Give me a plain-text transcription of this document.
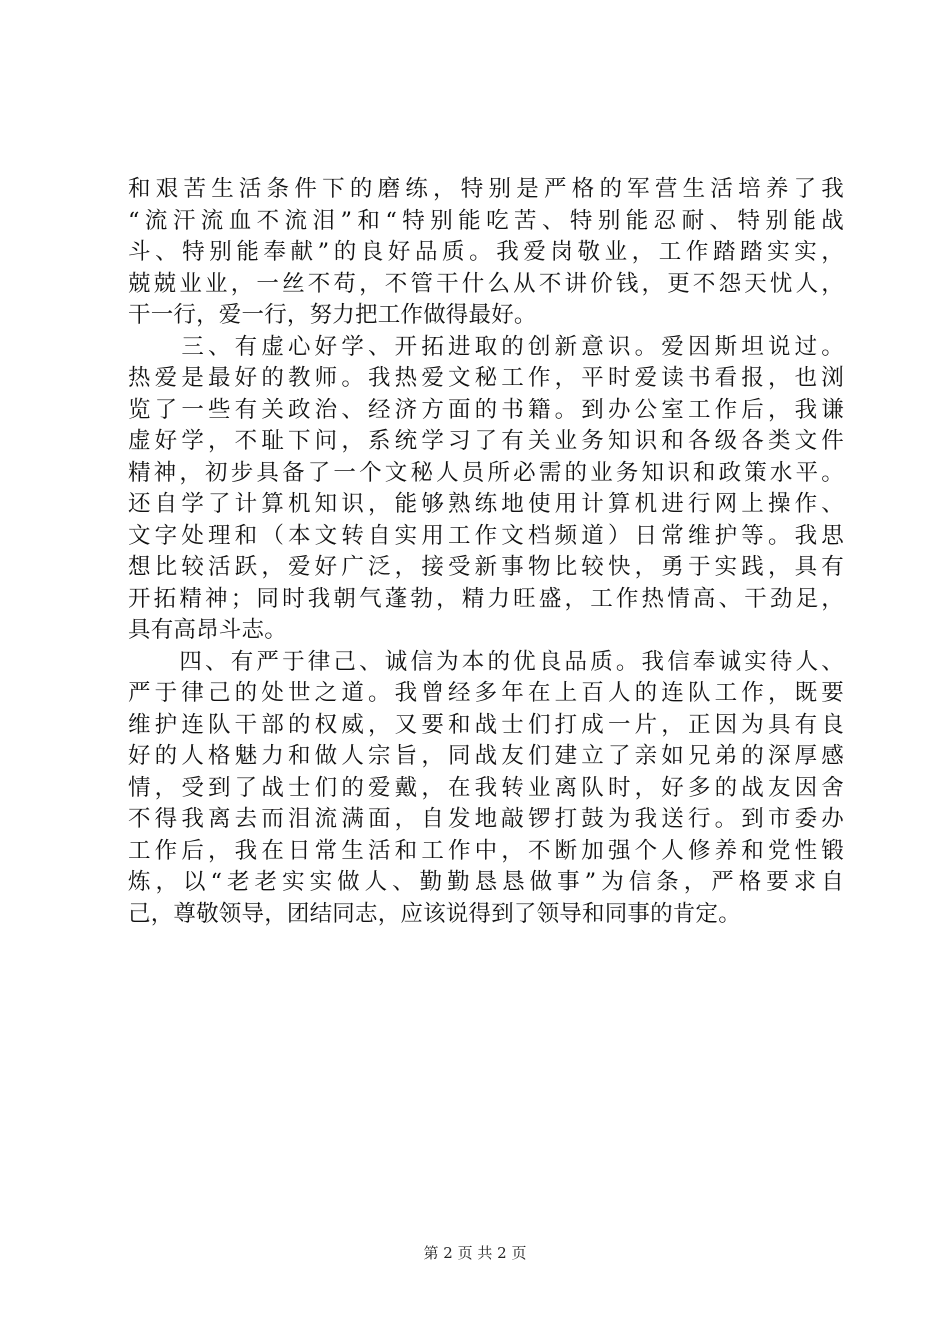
和艰苦生活条件下的磨练，特别是严格的军营生活培养了我
“流汗流血不流泪”和“特别能吃苦、特别能忍耐、特别能战
斗、特别能奉献”的良好品质。我爱岗敬业，工作踏踏实实，
兢兢业业，一丝不苟，不管干什么从不讲价钱，更不怨天忧人，
干一行，爱一行，努力把工作做得最好。
　　三、有虚心好学、开拓进取的创新意识。爱因斯坦说过。
热爱是最好的教师。我热爱文秘工作，平时爱读书看报，也浏
览了一些有关政治、经济方面的书籍。到办公室工作后，我谦
虚好学，不耻下问，系统学习了有关业务知识和各级各类文件
精神，初步具备了一个文秘人员所必需的业务知识和政策水平。
还自学了计算机知识，能够熟练地使用计算机进行网上操作、
文字处理和（本文转自实用工作文档频道）日常维护等。我思
想比较活跃，爱好广泛，接受新事物比较快，勇于实践，具有
开拓精神；同时我朝气蓬勃，精力旺盛，工作热情高、干劲足，
具有高昂斗志。
　　四、有严于律己、诚信为本的优良品质。我信奉诚实待人、
严于律己的处世之道。我曾经多年在上百人的连队工作，既要
维护连队干部的权威，又要和战士们打成一片，正因为具有良
好的人格魅力和做人宗旨，同战友们建立了亲如兄弟的深厚感
情，受到了战士们的爱戴，在我转业离队时，好多的战友因舍
不得我离去而泪流满面，自发地敲锣打鼓为我送行。到市委办
工作后，我在日常生活和工作中，不断加强个人修养和党性锻
炼，以“老老实实做人、勤勤恳恳做事”为信条，严格要求自
己，尊敬领导，团结同志，应该说得到了领导和同事的肯定。
第 2 页 共 2 页
